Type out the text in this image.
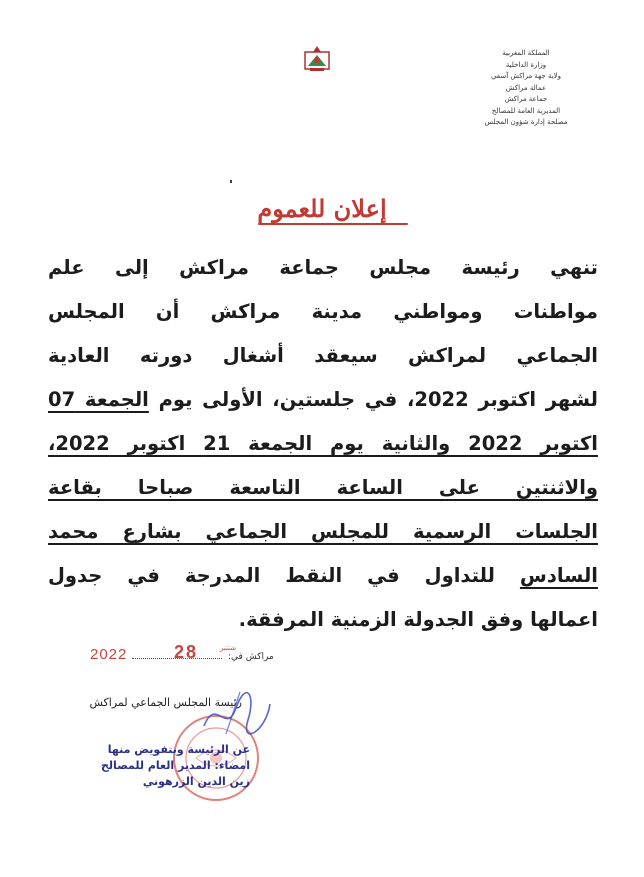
المملكة المغربية
وزارة الداخلية
ولاية جهة مراكش آسفي
عمالة مراكش
جماعة مراكش
المديرية العامة للمصالح
مصلحة إدارة شؤون المجلس
إعلان للعموم
تنهي رئيسة مجلس جماعة مراكش إلى علم
مواطنات ومواطني مدينة مراكش أن المجلس
الجماعي لمراكش سيعقد أشغال دورته العادية
لشهر اكتوبر 2022، في جلستين، الأولى يوم الجمعة 07
اكتوبر 2022 والثانية يوم الجمعة 21 اكتوبر 2022،
والاثنتين على الساعة التاسعة صباحا بقاعة
الجلسات الرسمية للمجلس الجماعي بشارع محمد
السادس للتداول في النقط المدرجة في جدول
اعمالها وفق الجدولة الزمنية المرفقة.
2022	28	شتنبر
مراكش في:
رئيسة المجلس الجماعي لمراكش
عن الرئيسة وبتفويض منها
امضاء: المدير العام للمصالح
زين الدين الزرهوني
